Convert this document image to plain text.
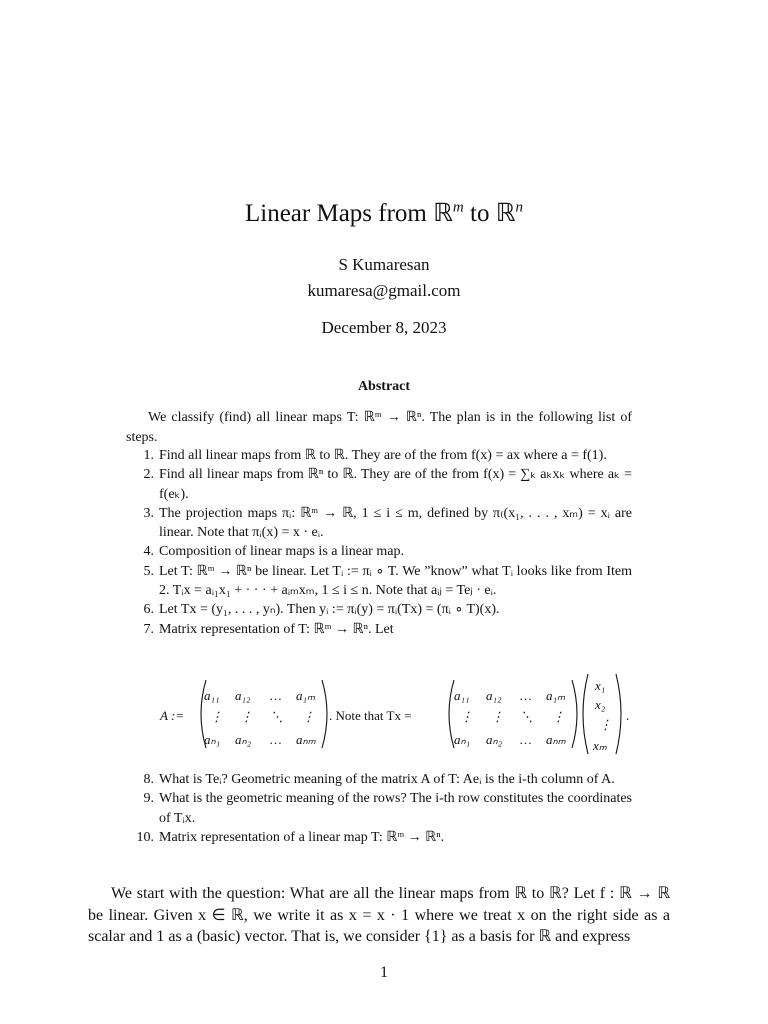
Linear Maps from ℝ$^m$ to ℝ$^n$
S Kumaresan
kumaresa@gmail.com
December 8, 2023
Abstract
We classify (find) all linear maps T: ℝᵐ → ℝⁿ. The plan is in the following list of steps.
1. Find all linear maps from ℝ to ℝ. They are of the from f(x) = ax where a = f(1).
2. Find all linear maps from ℝⁿ to ℝ. They are of the from f(x) = ∑ₖ aₖxₖ where aₖ = f(eₖ).
3. The projection maps πᵢ: ℝᵐ → ℝ, 1 ≤ i ≤ m, defined by π₍(x₁, . . . , xₘ) = xᵢ are linear. Note that πᵢ(x) = x · eᵢ.
4. Composition of linear maps is a linear map.
5. Let T: ℝᵐ → ℝⁿ be linear. Let Tᵢ := πᵢ ∘ T. We ”know” what Tᵢ looks like from Item 2. Tᵢx = aᵢ₁x₁ + · · · + aᵢₘxₘ, 1 ≤ i ≤ n. Note that aᵢⱼ = Teⱼ · eᵢ.
6. Let Tx = (y₁, . . . , yₙ). Then yᵢ := πᵢ(y) = πᵢ(Tx) = (πᵢ ∘ T)(x).
7. Matrix representation of T: ℝᵐ → ℝⁿ. Let
A :=
a₁₁ a₁₂ … a₁ₘ
⋮ ⋮ ⋱ ⋮
aₙ₁ aₙ₂ … aₙₘ
. Note that Tx =
a₁₁ a₁₂ … a₁ₘ
⋮ ⋮ ⋱ ⋮
aₙ₁ aₙ₂ … aₙₘ
x₁
x₂
⋮
xₘ
.
8. What is Teᵢ? Geometric meaning of the matrix A of T: Aeᵢ is the i-th column of A.
9. What is the geometric meaning of the rows? The i-th row constitutes the coordinates of Tᵢx.
10. Matrix representation of a linear map T: ℝᵐ → ℝⁿ.
We start with the question: What are all the linear maps from ℝ to ℝ? Let f : ℝ → ℝ be linear. Given x ∈ ℝ, we write it as x = x · 1 where we treat x on the right side as a scalar and 1 as a (basic) vector. That is, we consider {1} as a basis for ℝ and express
1
